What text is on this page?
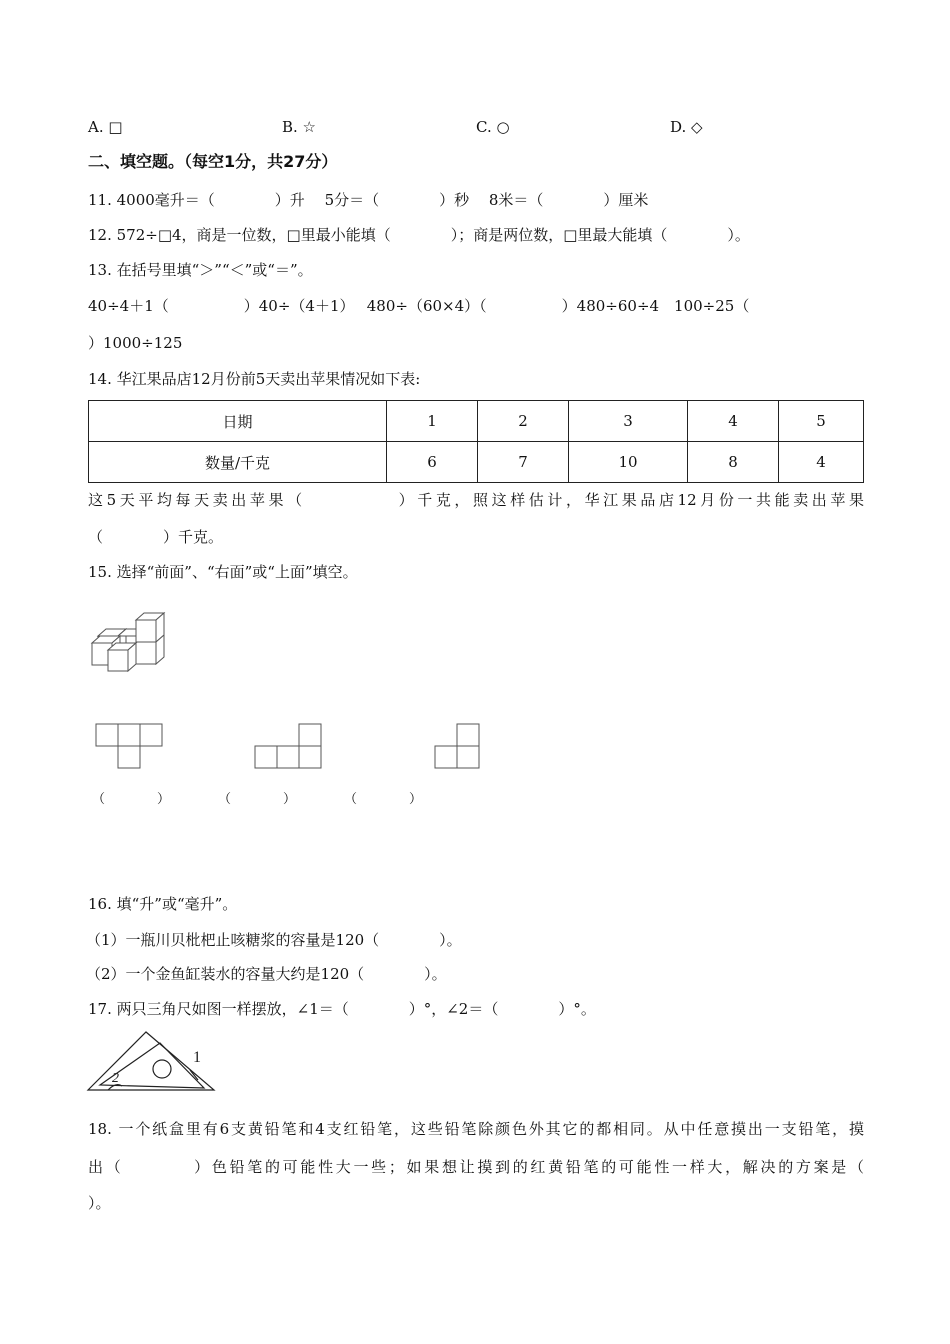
A. □	B. ☆	C. ○	D. ◇
二、填空题。（每空1分，共27分）
11. 4000毫升＝（　　　　）升　 5分＝（　　　　）秒　 8米＝（　　　　）厘米
12. 572÷□4，商是一位数，□里最小能填（　　　　）；商是两位数，□里最大能填（　　　　）。
13. 在括号里填“＞”“＜”或“＝”。
40÷4＋1（　　　　　）40÷（4＋1）　 480÷（60×4）（　　　　　）480÷60÷4　100÷25（
）1000÷125
14. 华江果品店12月份前5天卖出苹果情况如下表:
日期	1	2	3	4	5
数量/千克	6	7	10	8	4
这5天平均每天卖出苹果（　　　　　）千克，照这样估计，华江果品店12月份一共能卖出苹果
（　　　　）千克。
15. 选择“前面”、“右面”或“上面”填空。
（　　　　）	（　　　　）	（　　　　）
16. 填“升”或“毫升”。
（1）一瓶川贝枇杷止咳糖浆的容量是120（　　　　）。
（2）一个金鱼缸装水的容量大约是120（　　　　）。
17. 两只三角尺如图一样摆放，∠1＝（　　　　）°，∠2＝（　　　　）°。
1
2
18. 一个纸盒里有6支黄铅笔和4支红铅笔，这些铅笔除颜色外其它的都相同。从中任意摸出一支铅笔，摸
出（　　　　）色铅笔的可能性大一些；如果想让摸到的红黄铅笔的可能性一样大，解决的方案是（
）。
